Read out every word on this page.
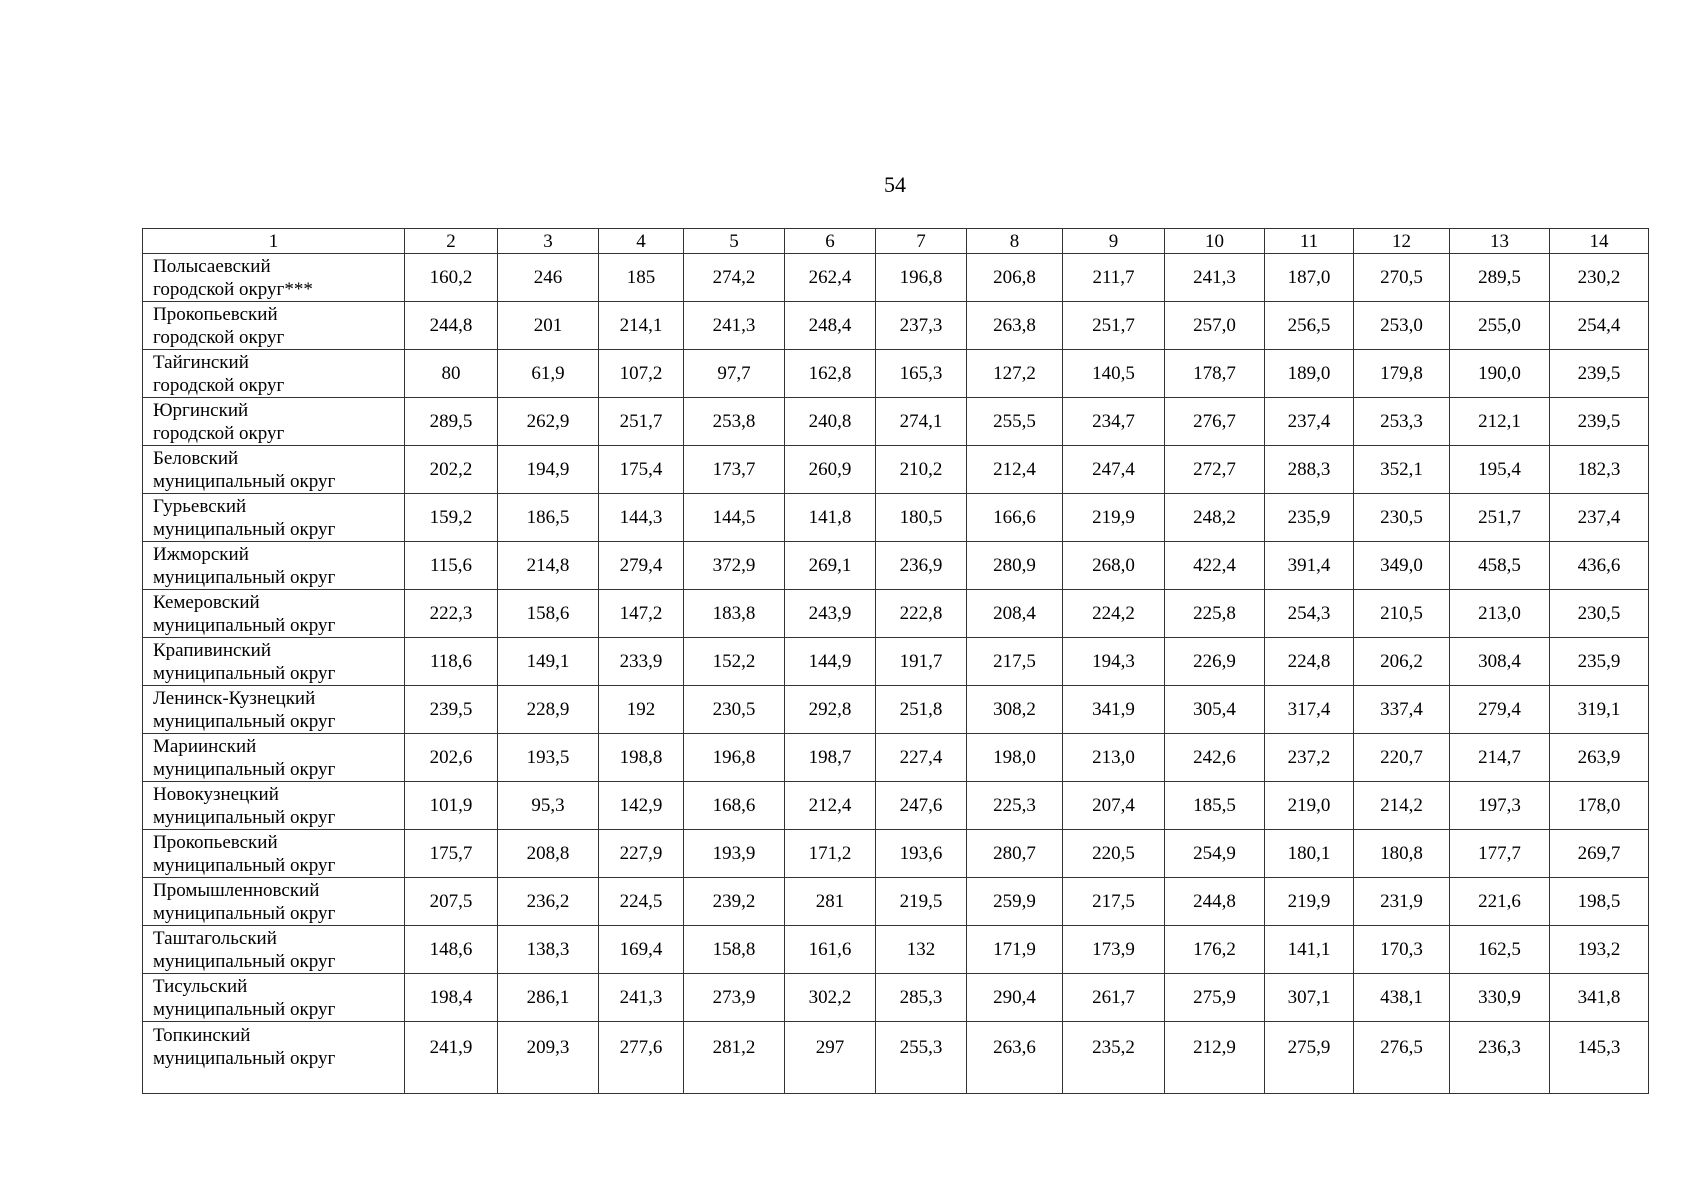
54
1	2	3	4	5	6	7	8	9	10	11	12	13	14

Полысаевский
городской округ***	160,2	246	185	274,2	262,4	196,8	206,8	211,7	241,3	187,0	270,5	289,5	230,2

Прокопьевский
городской округ	244,8	201	214,1	241,3	248,4	237,3	263,8	251,7	257,0	256,5	253,0	255,0	254,4

Тайгинский
городской округ	80	61,9	107,2	97,7	162,8	165,3	127,2	140,5	178,7	189,0	179,8	190,0	239,5

Юргинский
городской округ	289,5	262,9	251,7	253,8	240,8	274,1	255,5	234,7	276,7	237,4	253,3	212,1	239,5

Беловский
муниципальный округ	202,2	194,9	175,4	173,7	260,9	210,2	212,4	247,4	272,7	288,3	352,1	195,4	182,3

Гурьевский
муниципальный округ	159,2	186,5	144,3	144,5	141,8	180,5	166,6	219,9	248,2	235,9	230,5	251,7	237,4

Ижморский
муниципальный округ	115,6	214,8	279,4	372,9	269,1	236,9	280,9	268,0	422,4	391,4	349,0	458,5	436,6

Кемеровский
муниципальный округ	222,3	158,6	147,2	183,8	243,9	222,8	208,4	224,2	225,8	254,3	210,5	213,0	230,5

Крапивинский
муниципальный округ	118,6	149,1	233,9	152,2	144,9	191,7	217,5	194,3	226,9	224,8	206,2	308,4	235,9

Ленинск-Кузнецкий
муниципальный округ	239,5	228,9	192	230,5	292,8	251,8	308,2	341,9	305,4	317,4	337,4	279,4	319,1

Мариинский
муниципальный округ	202,6	193,5	198,8	196,8	198,7	227,4	198,0	213,0	242,6	237,2	220,7	214,7	263,9

Новокузнецкий
муниципальный округ	101,9	95,3	142,9	168,6	212,4	247,6	225,3	207,4	185,5	219,0	214,2	197,3	178,0

Прокопьевский
муниципальный округ	175,7	208,8	227,9	193,9	171,2	193,6	280,7	220,5	254,9	180,1	180,8	177,7	269,7

Промышленновский
муниципальный округ	207,5	236,2	224,5	239,2	281	219,5	259,9	217,5	244,8	219,9	231,9	221,6	198,5

Таштагольский
муниципальный округ	148,6	138,3	169,4	158,8	161,6	132	171,9	173,9	176,2	141,1	170,3	162,5	193,2

Тисульский
муниципальный округ	198,4	286,1	241,3	273,9	302,2	285,3	290,4	261,7	275,9	307,1	438,1	330,9	341,8

Топкинский
муниципальный округ	241,9	209,3	277,6	281,2	297	255,3	263,6	235,2	212,9	275,9	276,5	236,3	145,3
